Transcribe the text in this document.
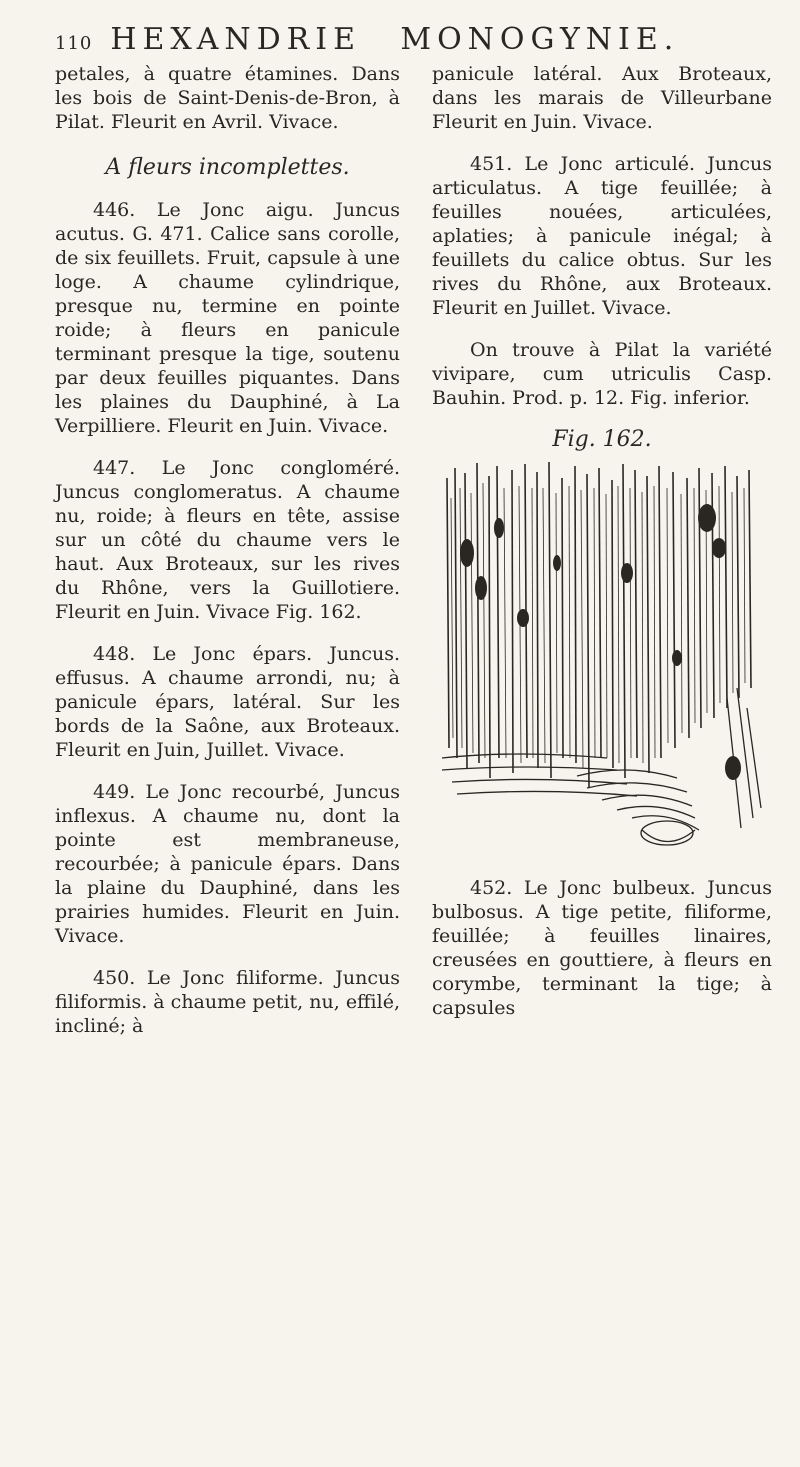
110 HEXANDRIE	MONOGYNIE.

petales, à quatre étamines. Dans les bois de Saint-Denis-de-Bron, à Pilat. Fleurit en Avril. Vivace.

A fleurs incomplettes.

446. Le Jonc aigu. Juncus acutus. G. 471. Calice sans corolle, de six feuillets. Fruit, capsule à une loge. A chaume cylindrique, presque nu, termine en pointe roide; à fleurs en panicule terminant presque la tige, soutenu par deux feuilles piquantes. Dans les plaines du Dauphiné, à La Verpilliere. Fleurit en Juin. Vivace.

447. Le Jonc congloméré. Juncus conglomeratus. A chaume nu, roide; à fleurs en tête, assise sur un côté du chaume vers le haut. Aux Broteaux, sur les rives du Rhône, vers la Guillotiere. Fleurit en Juin. Vivace Fig. 162.

448. Le Jonc épars. Juncus. effusus. A chaume arrondi, nu; à panicule épars, latéral. Sur les bords de la Saône, aux Broteaux. Fleurit en Juin, Juillet. Vivace.

449. Le Jonc recourbé, Juncus inflexus. A chaume nu, dont la pointe est membraneuse, recourbée; à panicule épars. Dans la plaine du Dauphiné, dans les prairies humides. Fleurit en Juin. Vivace.

450. Le Jonc filiforme. Juncus filiformis. à chaume petit, nu, effilé, incliné; à

panicule latéral. Aux Broteaux, dans les marais de Villeurbane Fleurit en Juin. Vivace.

451. Le Jonc articulé. Juncus articulatus. A tige feuillée; à feuilles nouées, articulées, aplaties; à panicule inégal; à feuillets du calice obtus. Sur les rives du Rhône, aux Broteaux. Fleurit en Juillet. Vivace.

On trouve à Pilat la variété vivipare, cum utriculis Casp. Bauhin. Prod. p. 12. Fig. inferior.

Fig. 162.

452. Le Jonc bulbeux. Juncus bulbosus. A tige petite, filiforme, feuillée; à feuilles linaires, creusées en gouttiere, à fleurs en corymbe, terminant la tige; à capsules
